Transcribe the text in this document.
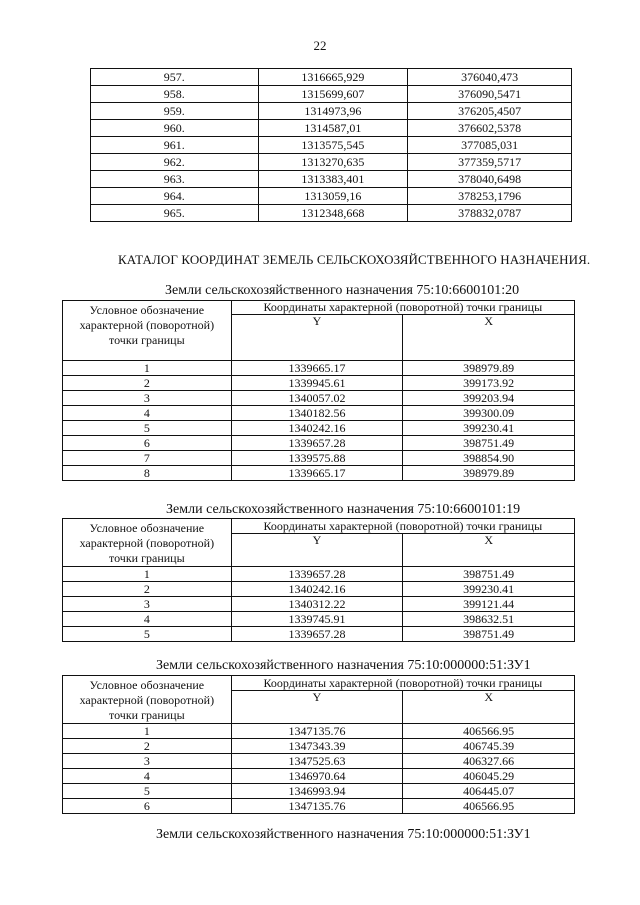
22
957.	1316665,929	376040,473
958.	1315699,607	376090,5471
959.	1314973,96	376205,4507
960.	1314587,01	376602,5378
961.	1313575,545	377085,031
962.	1313270,635	377359,5717
963.	1313383,401	378040,6498
964.	1313059,16	378253,1796
965.	1312348,668	378832,0787
КАТАЛОГ КООРДИНАТ ЗЕМЕЛЬ СЕЛЬСКОХОЗЯЙСТВЕННОГО НАЗНАЧЕНИЯ.
Земли сельскохозяйственного назначения 75:10:6600101:20
Условное обозначение
характерной (поворотной)
точки границы	Координаты характерной (поворотной) точки границы	
	Y	X
1	1339665.17	398979.89
2	1339945.61	399173.92
3	1340057.02	399203.94
4	1340182.56	399300.09
5	1340242.16	399230.41
6	1339657.28	398751.49
7	1339575.88	398854.90
8	1339665.17	398979.89
Земли сельскохозяйственного назначения 75:10:6600101:19
Условное обозначение
характерной (поворотной)
точки границы	Координаты характерной (поворотной) точки границы	
	Y	X
1	1339657.28	398751.49
2	1340242.16	399230.41
3	1340312.22	399121.44
4	1339745.91	398632.51
5	1339657.28	398751.49
Земли сельскохозяйственного назначения 75:10:000000:51:ЗУ1
Условное обозначение
характерной (поворотной)
точки границы	Координаты характерной (поворотной) точки границы	
	Y	X
1	1347135.76	406566.95
2	1347343.39	406745.39
3	1347525.63	406327.66
4	1346970.64	406045.29
5	1346993.94	406445.07
6	1347135.76	406566.95
Земли сельскохозяйственного назначения 75:10:000000:51:ЗУ1
